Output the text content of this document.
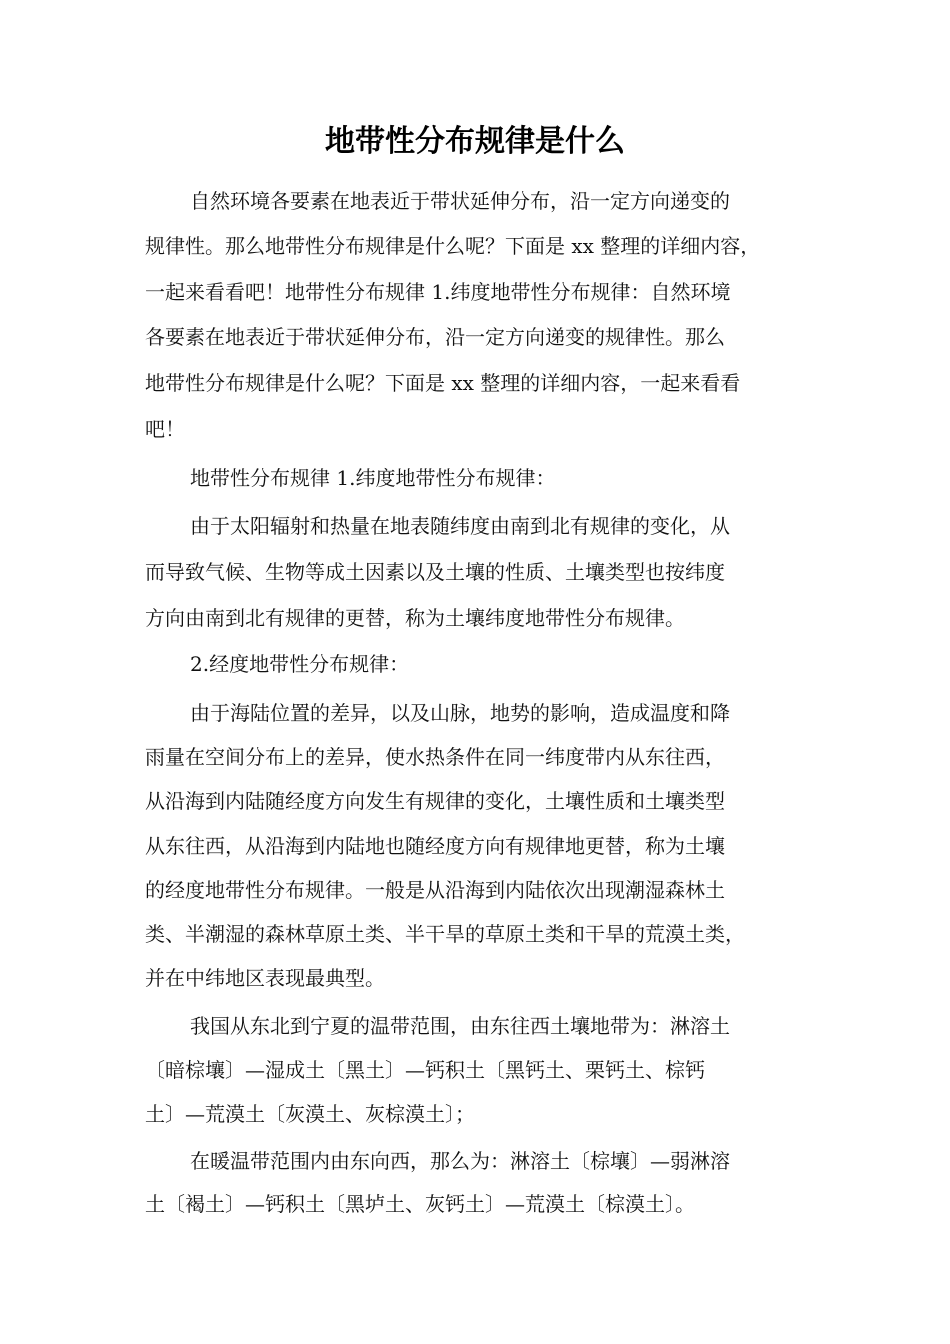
地带性分布规律是什么
自然环境各要素在地表近于带状延伸分布，沿一定方向递变的
规律性。那么地带性分布规律是什么呢？下面是 xx 整理的详细内容，
一起来看看吧！地带性分布规律 1.纬度地带性分布规律：自然环境
各要素在地表近于带状延伸分布，沿一定方向递变的规律性。那么
地带性分布规律是什么呢？下面是 xx 整理的详细内容，一起来看看
吧！
地带性分布规律 1.纬度地带性分布规律：
由于太阳辐射和热量在地表随纬度由南到北有规律的变化，从
而导致气候、生物等成土因素以及土壤的性质、土壤类型也按纬度
方向由南到北有规律的更替，称为土壤纬度地带性分布规律。
2.经度地带性分布规律：
由于海陆位置的差异，以及山脉，地势的影响，造成温度和降
雨量在空间分布上的差异，使水热条件在同一纬度带内从东往西，
从沿海到内陆随经度方向发生有规律的变化，土壤性质和土壤类型
从东往西，从沿海到内陆地也随经度方向有规律地更替，称为土壤
的经度地带性分布规律。一般是从沿海到内陆依次出现潮湿森林土
类、半潮湿的森林草原土类、半干旱的草原土类和干旱的荒漠土类，
并在中纬地区表现最典型。
我国从东北到宁夏的温带范围，由东往西土壤地带为：淋溶土
〔暗棕壤〕—湿成土〔黑土〕—钙积土〔黑钙土、栗钙土、棕钙
土〕—荒漠土〔灰漠土、灰棕漠土〕；
在暖温带范围内由东向西，那么为：淋溶土〔棕壤〕—弱淋溶
土〔褐土〕—钙积土〔黑垆土、灰钙土〕—荒漠土〔棕漠土〕。
